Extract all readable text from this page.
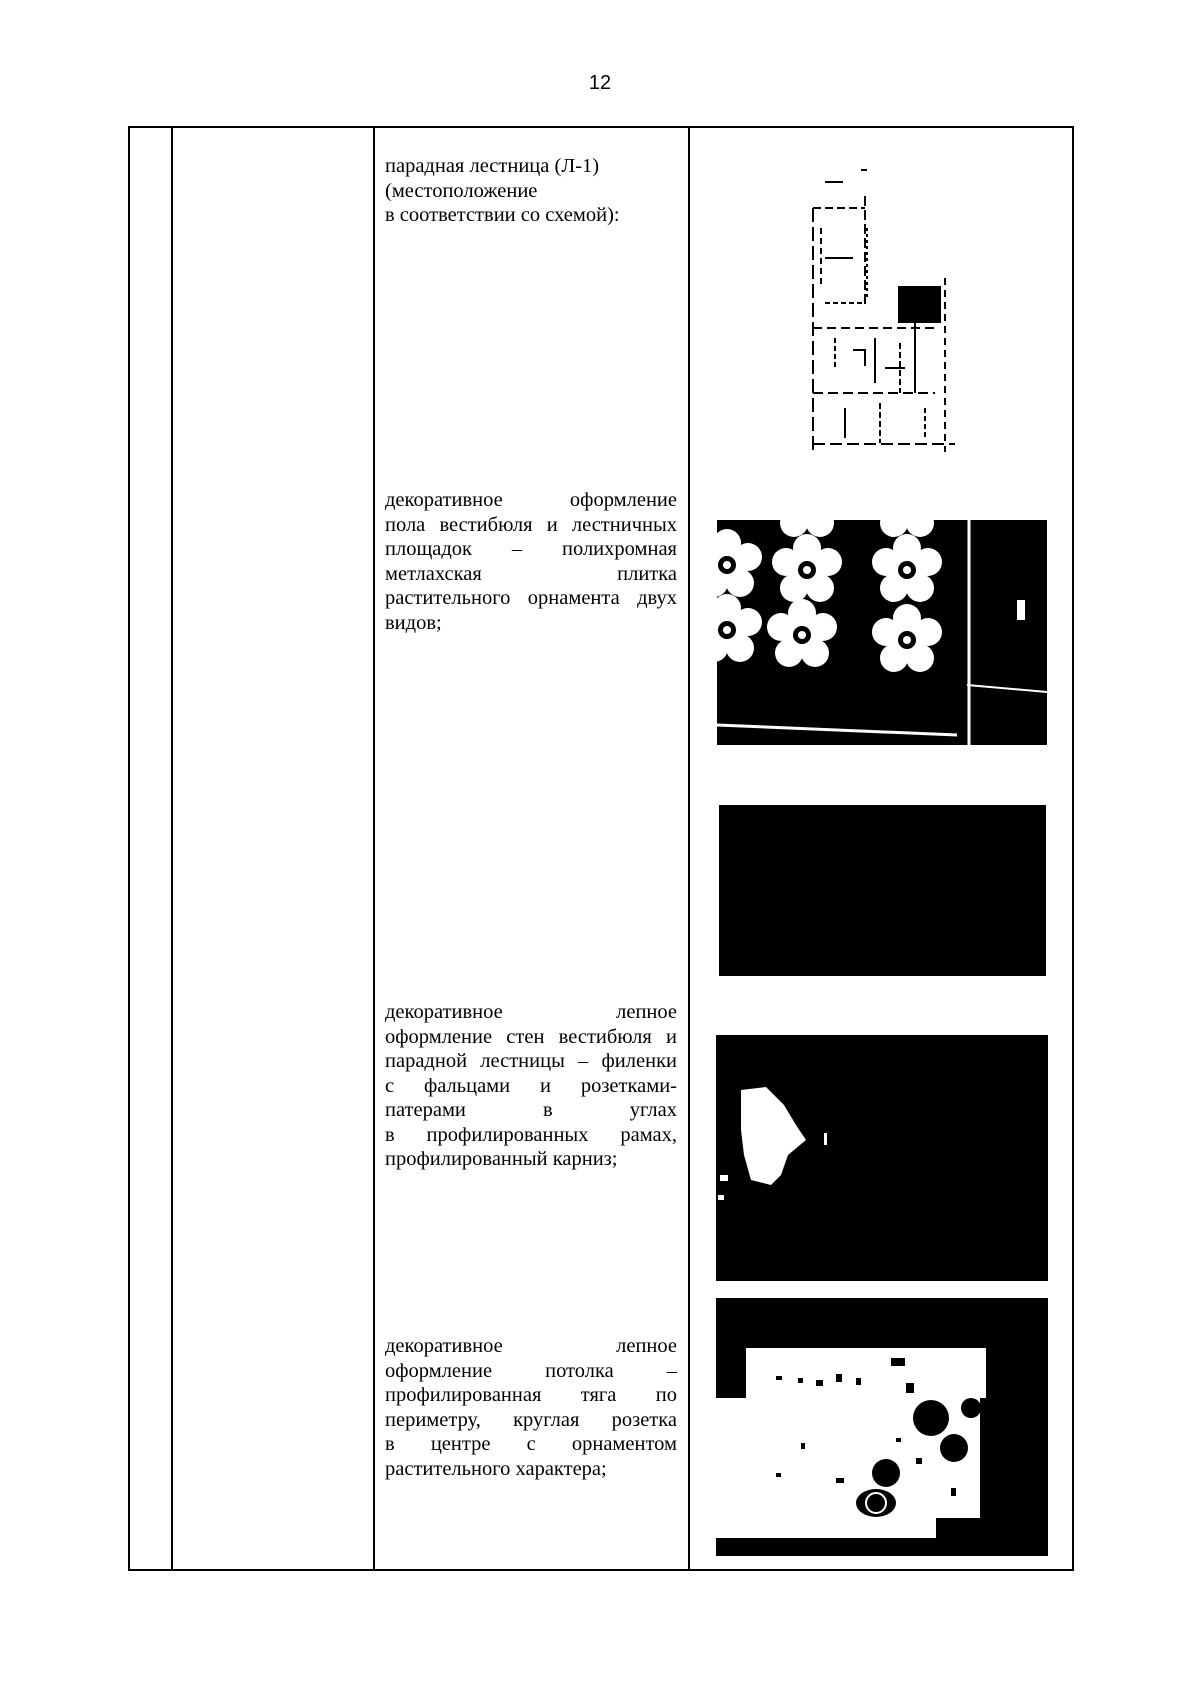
12
парадная лестница (Л-1)
(местоположение
в соответствии со схемой):
декоративное оформление
пола вестибюля и лестничных
площадок – полихромная
метлахская плитка
растительного орнамента двух
видов;
декоративное лепное
оформление стен вестибюля и
парадной лестницы – филенки
с фальцами и розетками-
патерами в углах
в профилированных рамах,
профилированный карниз;
декоративное лепное
оформление потолка –
профилированная тяга по
периметру, круглая розетка
в центре с орнаментом
растительного характера;
